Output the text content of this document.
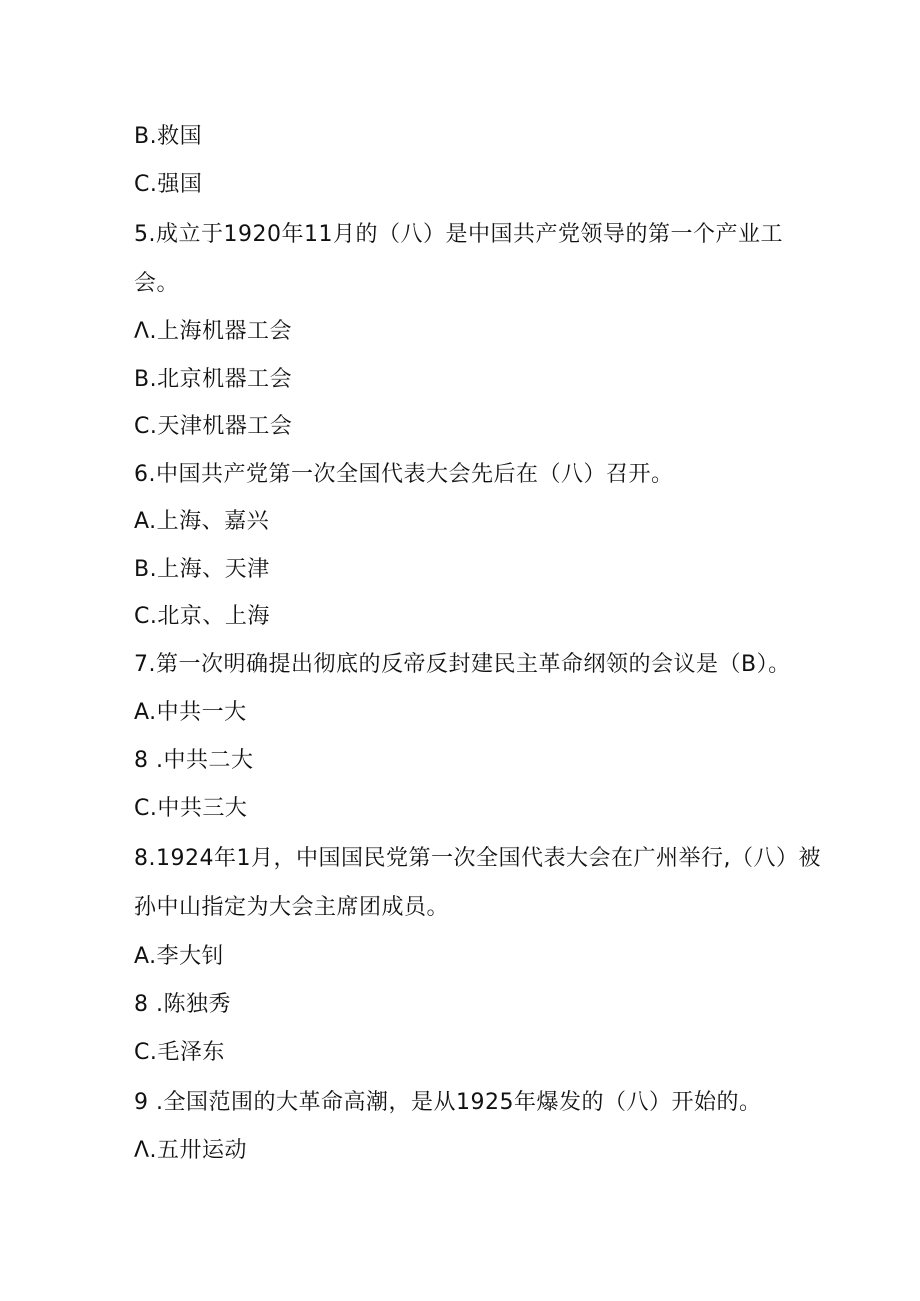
B.救国
C.强国
5.成立于1920年11月的（八）是中国共产党领导的第一个产业工
会。
Λ.上海机器工会
B.北京机器工会
C.天津机器工会
6.中国共产党第一次全国代表大会先后在（八）召开。
A.上海、嘉兴
B.上海、天津
C.北京、上海
7.第一次明确提出彻底的反帝反封建民主革命纲领的会议是（B）。
A.中共一大
8 .中共二大
C.中共三大
8.1924年1月，中国国民党第一次全国代表大会在广州举行,（八）被
孙中山指定为大会主席团成员。
A.李大钊
8 .陈独秀
C.毛泽东
9 .全国范围的大革命高潮，是从1925年爆发的（八）开始的。
Λ.五卅运动
